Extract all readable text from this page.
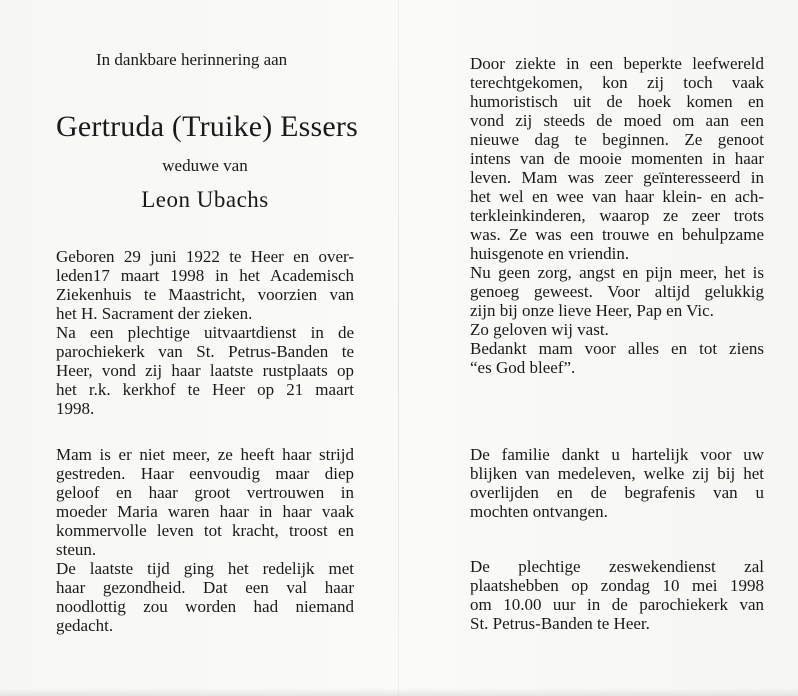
In dankbare herinnering aan
Gertruda (Truike) Essers
weduwe van
Leon Ubachs

Geboren 29 juni 1922 te Heer en over-
leden17 maart 1998 in het Academisch
Ziekenhuis te Maastricht, voorzien van
het H. Sacrament der zieken.
Na een plechtige uitvaartdienst in de
parochiekerk van St. Petrus-Banden te
Heer, vond zij haar laatste rustplaats op
het r.k. kerkhof te Heer op 21 maart
1998.

Mam is er niet meer, ze heeft haar strijd
gestreden. Haar eenvoudig maar diep
geloof en haar groot vertrouwen in
moeder Maria waren haar in haar vaak
kommervolle leven tot kracht, troost en
steun.
De laatste tijd ging het redelijk met
haar gezondheid. Dat een val haar
noodlottig zou worden had niemand
gedacht.

Door ziekte in een beperkte leefwereld
terechtgekomen, kon zij toch vaak
humoristisch uit de hoek komen en
vond zij steeds de moed om aan een
nieuwe dag te beginnen. Ze genoot
intens van de mooie momenten in haar
leven. Mam was zeer geïnteresseerd in
het wel en wee van haar klein- en ach-
terkleinkinderen, waarop ze zeer trots
was. Ze was een trouwe en behulpzame
huisgenote en vriendin.
Nu geen zorg, angst en pijn meer, het is
genoeg geweest. Voor altijd gelukkig
zijn bij onze lieve Heer, Pap en Vic.
Zo geloven wij vast.

Bedankt mam voor alles en tot ziens
“es God bleef”.

De familie dankt u hartelijk voor uw
blijken van medeleven, welke zij bij het
overlijden en de begrafenis van u
mochten ontvangen.

De plechtige zeswekendienst zal
plaatshebben op zondag 10 mei 1998
om 10.00 uur in de parochiekerk van
St. Petrus-Banden te Heer.
